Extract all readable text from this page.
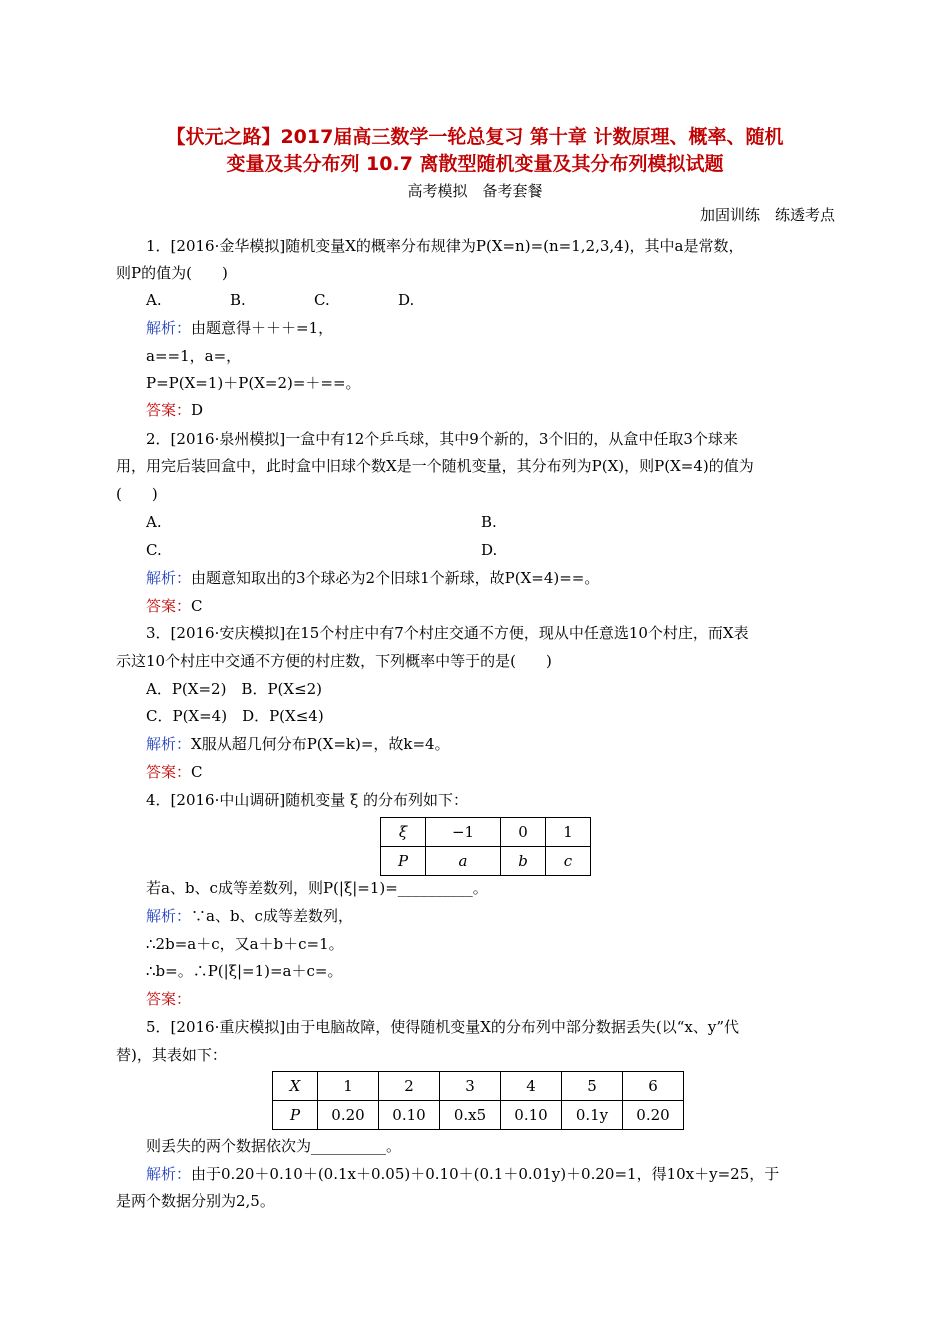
【状元之路】2017届高三数学一轮总复习 第十章 计数原理、概率、随机
变量及其分布列 10.7 离散型随机变量及其分布列模拟试题
高考模拟　备考套餐
加固训练　练透考点
1．[2016·金华模拟]随机变量X的概率分布规律为P(X=n)=(n=1,2,3,4)，其中a是常数，
则P的值为(　　)
A.	B.	C.	D.
解析：由题意得＋＋＋=1，
a==1，a=，
P=P(X=1)＋P(X=2)=＋==。
答案：D
2．[2016·泉州模拟]一盒中有12个乒乓球，其中9个新的，3个旧的，从盒中任取3个球来
用，用完后装回盒中，此时盒中旧球个数X是一个随机变量，其分布列为P(X)，则P(X=4)的值为
(　　)
A.	B.
C.	D.
解析：由题意知取出的3个球必为2个旧球1个新球，故P(X=4)==。
答案：C
3．[2016·安庆模拟]在15个村庄中有7个村庄交通不方便，现从中任意选10个村庄，而X表
示这10个村庄中交通不方便的村庄数，下列概率中等于的是(　　)
A．P(X=2)　B．P(X≤2)
C．P(X=4)　D．P(X≤4)
解析：X服从超几何分布P(X=k)=，故k=4。
答案：C
4．[2016·中山调研]随机变量 ξ 的分布列如下：
ξ	−1	0	1
P	a	b	c
若a、b、c成等差数列，则P(|ξ|=1)=__________。
解析：∵a、b、c成等差数列，
∴2b=a＋c，又a＋b＋c=1。
∴b=。∴P(|ξ|=1)=a＋c=。
答案：
5．[2016·重庆模拟]由于电脑故障，使得随机变量X的分布列中部分数据丢失(以“x、y”代
替)，其表如下：
X	1	2	3	4	5	6
P	0.20	0.10	0.x5	0.10	0.1y	0.20
则丢失的两个数据依次为__________。
解析：由于0.20＋0.10＋(0.1x＋0.05)＋0.10＋(0.1＋0.01y)＋0.20=1，得10x＋y=25，于
是两个数据分别为2,5。
